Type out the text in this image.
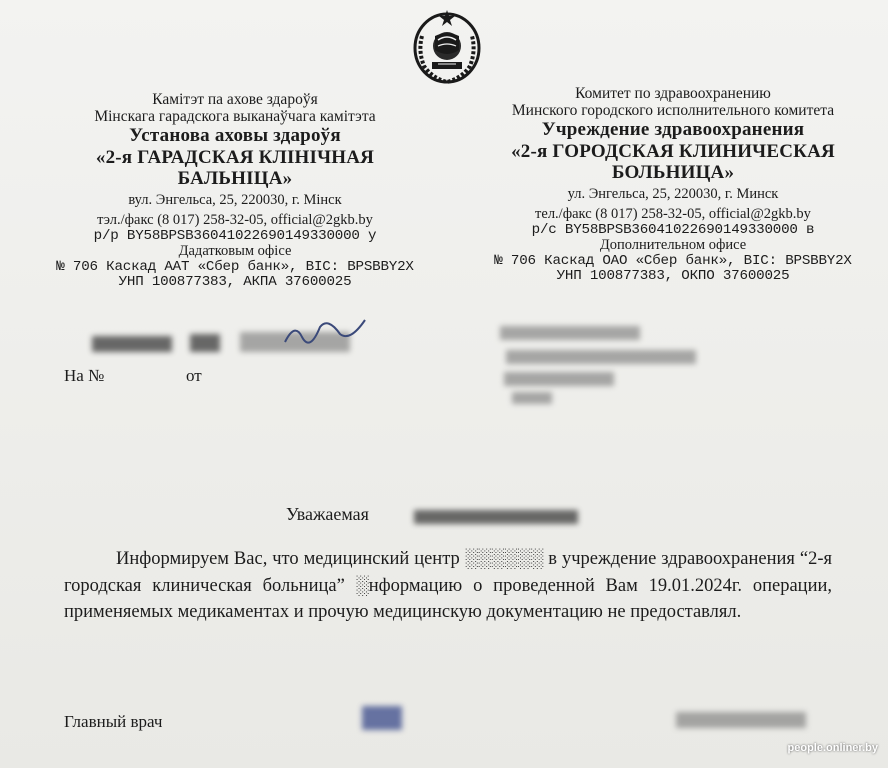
Камітэт па ахове здароўя
Мінскага гарадскога выканаўчага камітэта
Установа аховы здароўя
«2-я ГАРАДСКАЯ КЛІНІЧНАЯ
БАЛЬНІЦА»
вул. Энгельса, 25, 220030, г. Мінск
тэл./факс (8 017) 258-32-05, official@2gkb.by
р/р BY58BPSB36041022690149330000 у
Дадатковым офісе
№ 706 Каскад ААТ «Сбер банк», BIC: BPSBBY2X
УНП 100877383, АКПА 37600025
Комитет по здравоохранению
Минского городского исполнительного комитета
Учреждение здравоохранения
«2-я ГОРОДСКАЯ КЛИНИЧЕСКАЯ
БОЛЬНИЦА»
ул. Энгельса, 25, 220030, г. Минск
тел./факс (8 017) 258-32-05, official@2gkb.by
р/с BY58BPSB36041022690149330000 в
Дополнительном офисе
№ 706 Каскад ОАО «Сбер банк», BIC: BPSBBY2X
УНП 100877383, ОКПО 37600025
На №	от
Уважаемая
Информируем Вас, что медицинский центр ░░░░░░ в учреждение здравоохранения “2-я городская клиническая больница” ░нформацию о проведенной Вам 19.01.2024г. операции, применяемых медикаментах и прочую медицинскую документацию не предоставлял.
Главный врач
people.onliner.by
